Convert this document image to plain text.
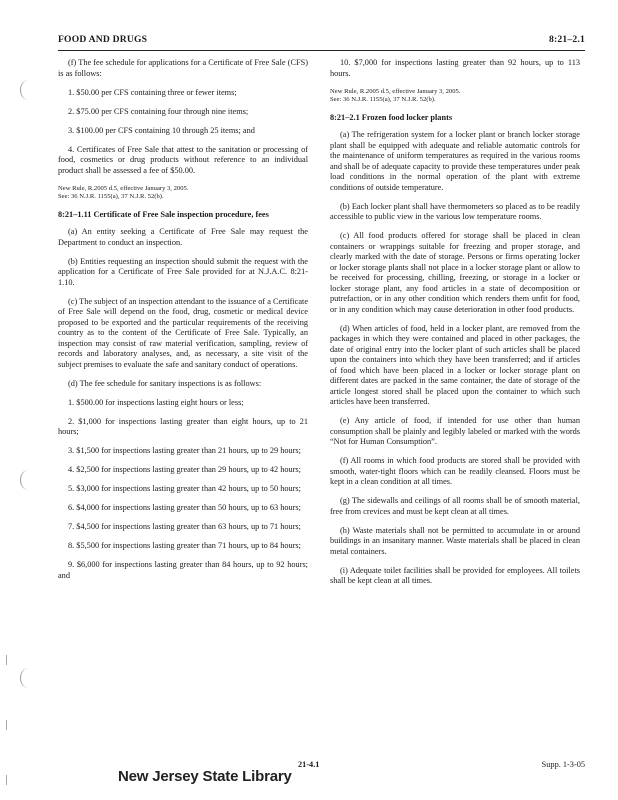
FOOD AND DRUGS	8:21–2.1

(f) The fee schedule for applications for a Certificate of Free Sale (CFS) is as follows:

1. $50.00 per CFS containing three or fewer items;

2. $75.00 per CFS containing four through nine items;

3. $100.00 per CFS containing 10 through 25 items; and

4. Certificates of Free Sale that attest to the sanitation or processing of food, cosmetics or drug products without reference to an individual product shall be assessed a fee of $50.00.

New Rule, R.2005 d.5, effective January 3, 2005.
See: 36 N.J.R. 1155(a), 37 N.J.R. 52(b).
8:21–1.11 Certificate of Free Sale inspection procedure, fees

(a) An entity seeking a Certificate of Free Sale may request the Department to conduct an inspection.

(b) Entities requesting an inspection should submit the request with the application for a Certificate of Free Sale provided for at N.J.A.C. 8:21-1.10.

(c) The subject of an inspection attendant to the issuance of a Certificate of Free Sale will depend on the food, drug, cosmetic or medical device proposed to be exported and the particular requirements of the receiving country as to the content of the Certificate of Free Sale. Typically, an inspection may consist of raw material verification, sampling, review of records and laboratory analyses, and, as necessary, a site visit of the subject premises to evaluate the safe and sanitary conduct of operations.

(d) The fee schedule for sanitary inspections is as follows:

1. $500.00 for inspections lasting eight hours or less;

2. $1,000 for inspections lasting greater than eight hours, up to 21 hours;

3. $1,500 for inspections lasting greater than 21 hours, up to 29 hours;

4. $2,500 for inspections lasting greater than 29 hours, up to 42 hours;

5. $3,000 for inspections lasting greater than 42 hours, up to 50 hours;

6. $4,000 for inspections lasting greater than 50 hours, up to 63 hours;

7. $4,500 for inspections lasting greater than 63 hours, up to 71 hours;

8. $5,500 for inspections lasting greater than 71 hours, up to 84 hours;

9. $6,000 for inspections lasting greater than 84 hours, up to 92 hours; and

10. $7,000 for inspections lasting greater than 92 hours, up to 113 hours.

New Rule, R.2005 d.5, effective January 3, 2005.
See: 36 N.J.R. 1155(a), 37 N.J.R. 52(b).
8:21–2.1 Frozen food locker plants

(a) The refrigeration system for a locker plant or branch locker storage plant shall be equipped with adequate and reliable automatic controls for the maintenance of uniform temperatures as required in the various rooms and shall be of adequate capacity to provide these temperatures under peak load conditions in the normal operation of the plant with extreme conditions of outside temperature.

(b) Each locker plant shall have thermometers so placed as to be readily accessible to public view in the various low temperature rooms.

(c) All food products offered for storage shall be placed in clean containers or wrappings suitable for freezing and proper storage, and clearly marked with the date of storage. Persons or firms operating locker or locker storage plants shall not place in a locker storage plant or allow to be received for processing, chilling, freezing, or storage in a locker or locker storage plant, any food articles in a state of decomposition or putrefaction, or in any other condition which renders them unfit for food, or in any condition which may cause deterioration in other food products.

(d) When articles of food, held in a locker plant, are removed from the packages in which they were contained and placed in other packages, the date of original entry into the locker plant of such articles shall be placed upon the containers into which they have been transferred; and if articles of food which have been placed in a locker or locker storage plant on different dates are packed in the same container, the date of storage of the article longest stored shall be placed upon the container to which such articles have been transferred.

(e) Any article of food, if intended for use other than human consumption shall be plainly and legibly labeled or marked with the words “Not for Human Consumption”.

(f) All rooms in which food products are stored shall be provided with smooth, water-tight floors which can be readily cleansed. Floors must be kept in a clean condition at all times.

(g) The sidewalls and ceilings of all rooms shall be of smooth material, free from crevices and must be kept clean at all times.

(h) Waste materials shall not be permitted to accumulate in or around buildings in an insanitary manner. Waste materials shall be placed in clean metal containers.

(i) Adequate toilet facilities shall be provided for employees. All toilets shall be kept clean at all times.

21-4.1	Supp. 1-3-05
New Jersey State Library
